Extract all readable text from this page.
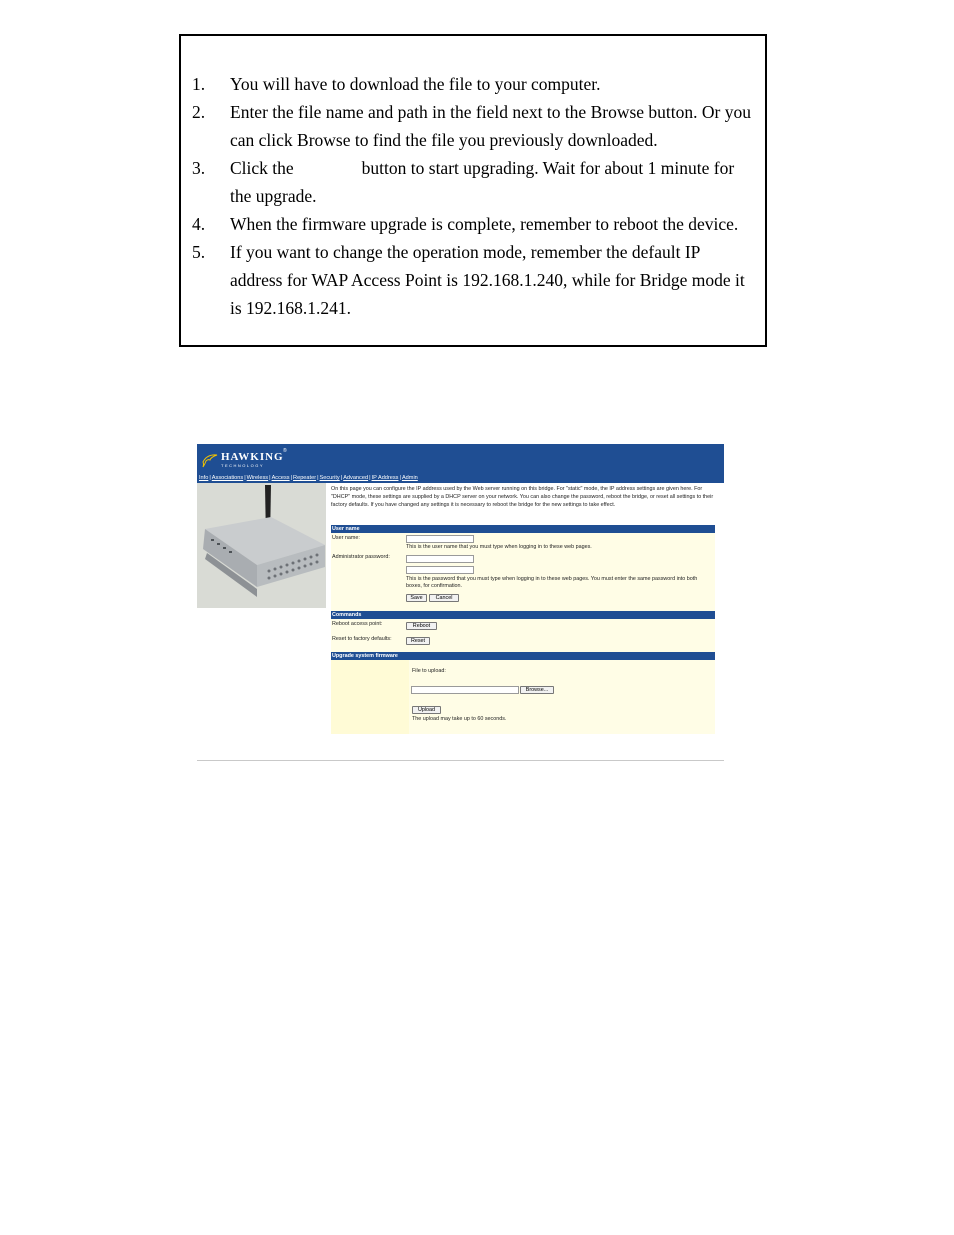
1. You will have to download the file to your computer.
2. Enter the file name and path in the field next to the Browse button. Or you can click Browse to find the file you previously downloaded.
3. Click the	button to start upgrading. Wait for about 1 minute for the upgrade.
4. When the firmware upgrade is complete, remember to reboot the device.
5. If you want to change the operation mode, remember the default IP address for WAP Access Point is 192.168.1.240, while for Bridge mode it is 192.168.1.241.
HAWKING
TECHNOLOGY
®
Info|Associations|Wireless|Access|Repeater|Security|Advanced|IP Address|Admin
On this page you can configure the IP address used by the Web server running on this bridge. For "static" mode, the IP address settings are given here. For "DHCP" mode, these settings are supplied by a DHCP server on your network. You can also change the password, reboot the bridge, or reset all settings to their factory defaults. If you have changed any settings it is necessary to reboot the bridge for the new settings to take effect.
User name
User name:
This is the user name that you must type when logging in to these web pages.
Administrator password:
This is the password that you must type when logging in to these web pages. You must enter the same password into both boxes, for confirmation.
Save	Cancel
Commands
Reboot access point:	Reboot
Reset to factory defaults:	Reset
Upgrade system firmware
File to upload:
Browse...
Upload
The upload may take up to 60 seconds.
